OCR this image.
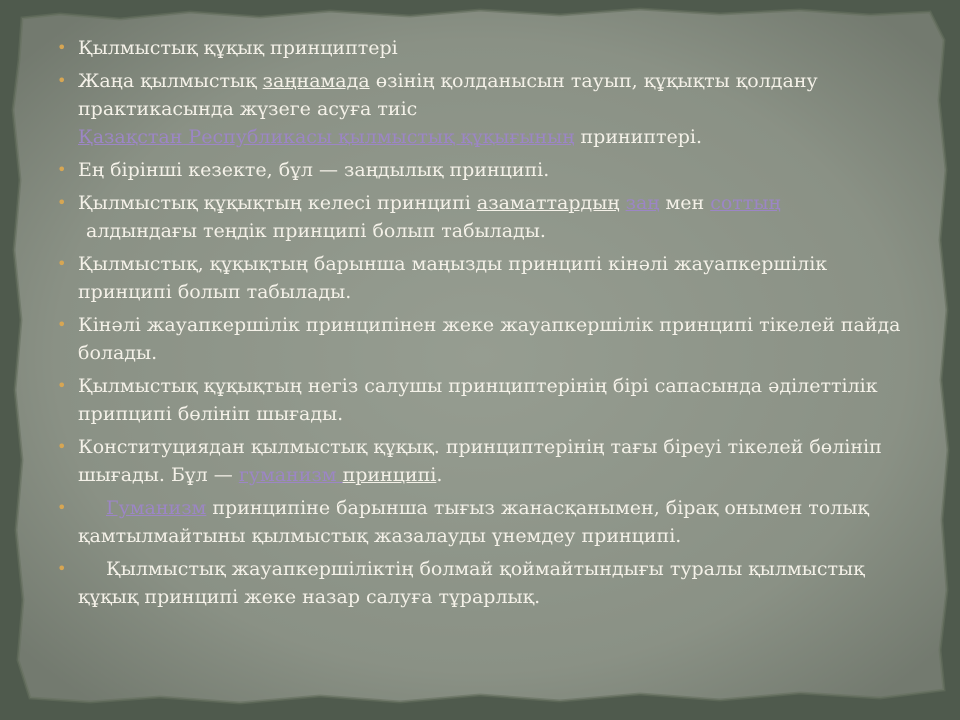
• Қылмыстық құқық принциптері
• Жаңа қылмыстық заңнамада өзінің қолданысын тауып, құқықты қолдану практикасында жүзеге асуға тиіс
Қазақстан Республикасы қылмыстық құқығының приниптері.
• Ең бірінші кезекте, бұл — заңдылық принципі.
• Қылмыстық құқықтың келесі принципі азаматтардың заң мен соттың
алдындағы теңдік принципі болып табылады.
• Қылмыстық, құқықтың барынша маңызды принципі кінәлі жауапкершілік принципі болып табылады.
• Кінәлі жауапкершілік принципінен жеке жауапкершілік принципі тікелей пайда болады.
• Қылмыстық құқықтың негіз салушы принциптерінің бірі сапасында әділеттілік припципі бөлініп шығады.
• Конституциядан қылмыстық құқық. принциптерінің тағы біреуі тікелей бөлініп шығады. Бұл — гуманизм принципі.
• Гуманизм принципіне барынша тығыз жанасқанымен, бірақ онымен толық қамтылмайтыны қылмыстық жазалауды үнемдеу принципі.
• Қылмыстық жауапкершіліктің болмай қоймайтындығы туралы қылмыстық құқық принципі жеке назар салуға тұрарлық.
